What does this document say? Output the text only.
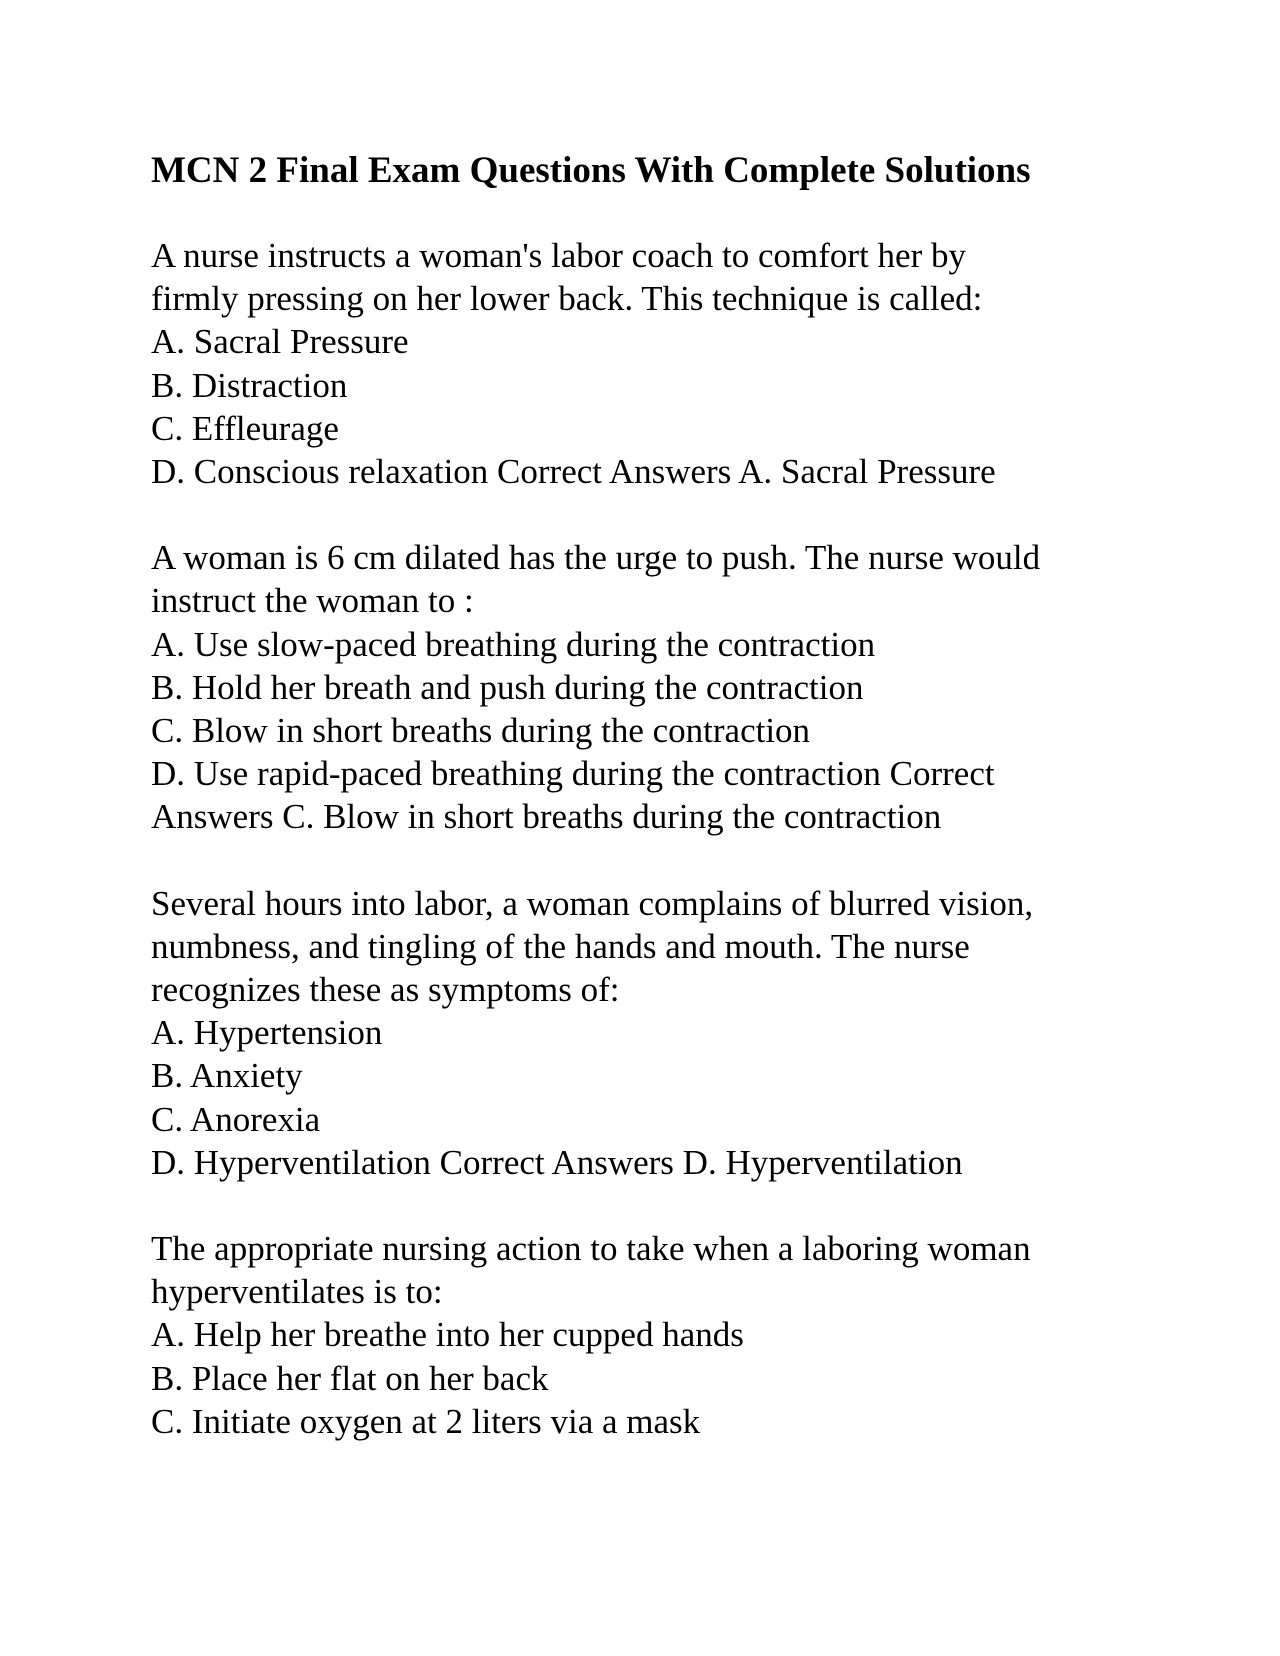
MCN 2 Final Exam Questions With Complete Solutions
A nurse instructs a woman's labor coach to comfort her by
firmly pressing on her lower back. This technique is called:
A. Sacral Pressure
B. Distraction
C. Effleurage
D. Conscious relaxation Correct Answers A. Sacral Pressure
A woman is 6 cm dilated has the urge to push. The nurse would
instruct the woman to :
A. Use slow-paced breathing during the contraction
B. Hold her breath and push during the contraction
C. Blow in short breaths during the contraction
D. Use rapid-paced breathing during the contraction Correct
Answers C. Blow in short breaths during the contraction
Several hours into labor, a woman complains of blurred vision,
numbness, and tingling of the hands and mouth. The nurse
recognizes these as symptoms of:
A. Hypertension
B. Anxiety
C. Anorexia
D. Hyperventilation Correct Answers D. Hyperventilation
The appropriate nursing action to take when a laboring woman
hyperventilates is to:
A. Help her breathe into her cupped hands
B. Place her flat on her back
C. Initiate oxygen at 2 liters via a mask
